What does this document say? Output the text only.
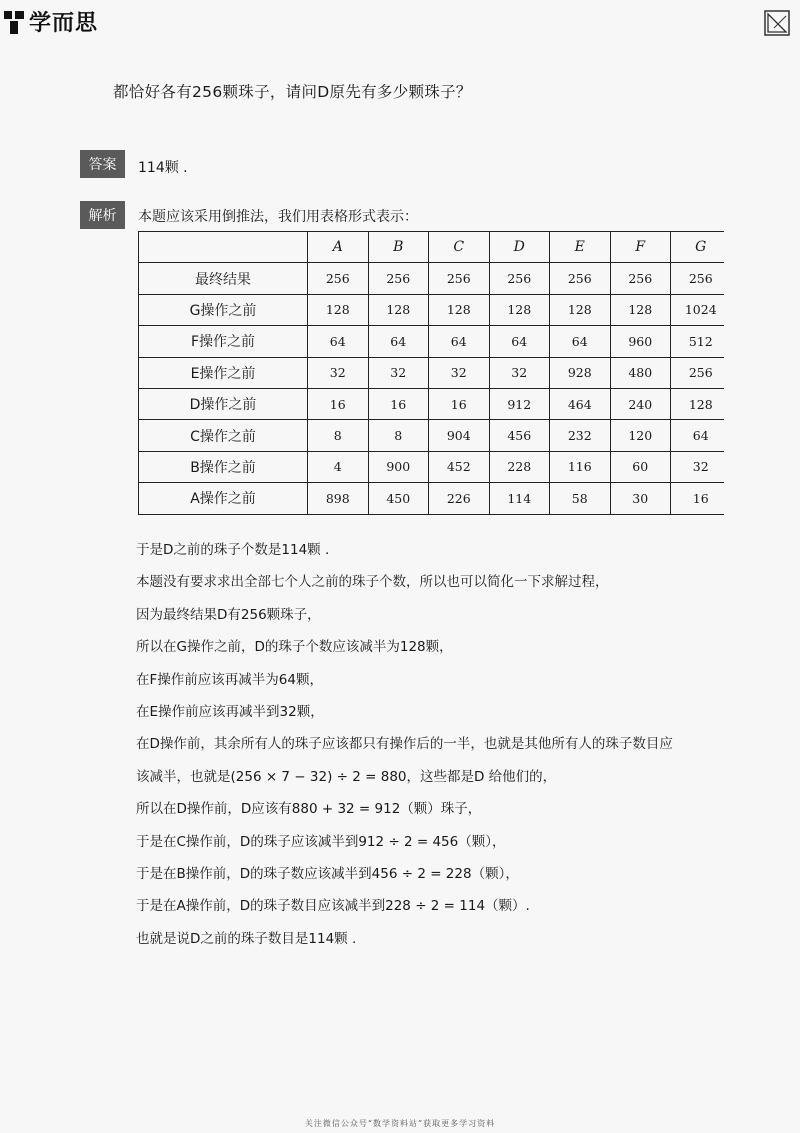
学而思
都恰好各有256颗珠子，请问D原先有多少颗珠子？
答案	114颗 .
解析	本题应该采用倒推法，我们用表格形式表示：
	A	B	C	D	E	F	G
最终结果	256	256	256	256	256	256	256
G操作之前	128	128	128	128	128	128	1024
F操作之前	64	64	64	64	64	960	512
E操作之前	32	32	32	32	928	480	256
D操作之前	16	16	16	912	464	240	128
C操作之前	8	8	904	456	232	120	64
B操作之前	4	900	452	228	116	60	32
A操作之前	898	450	226	114	58	30	16
于是D之前的珠子个数是114颗 .
本题没有要求求出全部七个人之前的珠子个数，所以也可以简化一下求解过程，
因为最终结果D有256颗珠子，
所以在G操作之前，D的珠子个数应该减半为128颗，
在F操作前应该再减半为64颗，
在E操作前应该再减半到32颗，
在D操作前，其余所有人的珠子应该都只有操作后的一半，也就是其他所有人的珠子数目应
该减半，也就是(256 × 7 − 32) ÷ 2 = 880，这些都是D 给他们的，
所以在D操作前，D应该有880 + 32 = 912（颗）珠子，
于是在C操作前，D的珠子应该减半到912 ÷ 2 = 456（颗），
于是在B操作前，D的珠子数应该减半到456 ÷ 2 = 228（颗），
于是在A操作前，D的珠子数目应该减半到228 ÷ 2 = 114（颗）.
也就是说D之前的珠子数目是114颗 .
关注微信公众号“数学资料站”获取更多学习资料
